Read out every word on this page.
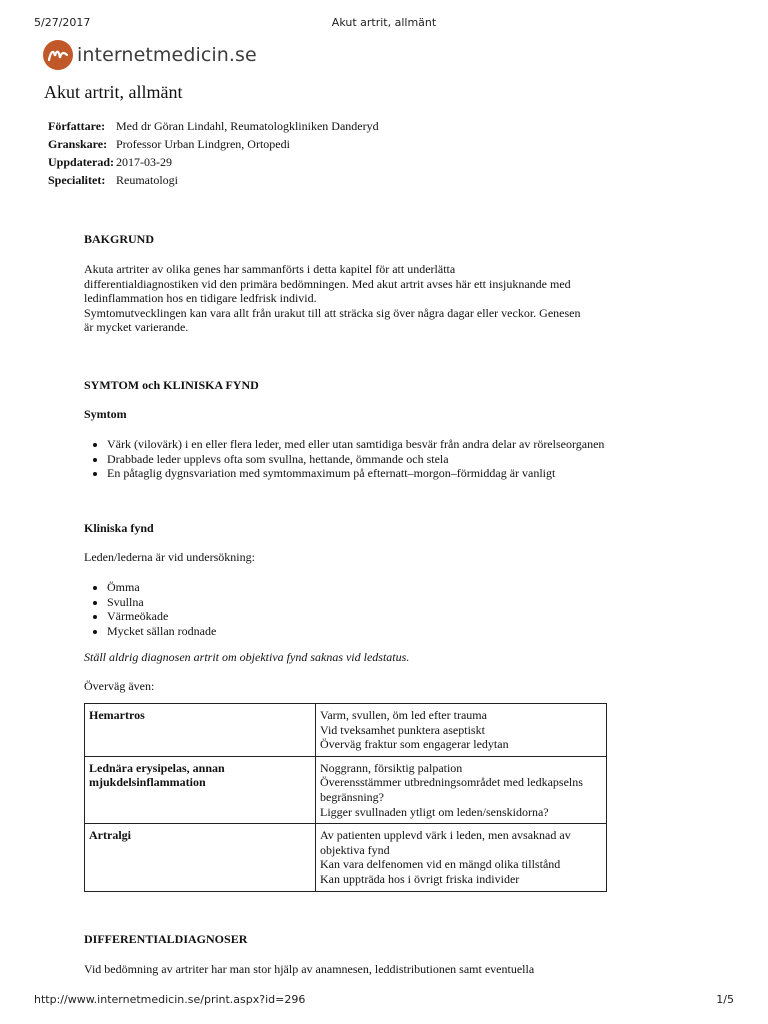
5/27/2017	Akut artrit, allmänt
internetmedicin.se
Akut artrit, allmänt
Författare:	Med dr Göran Lindahl, Reumatologkliniken Danderyd
Granskare:	Professor Urban Lindgren, Ortopedi
Uppdaterad:	2017-03-29
Specialitet:	Reumatologi
BAKGRUND
Akuta artriter av olika genes har sammanförts i detta kapitel för att underlätta
differentialdiagnostiken vid den primära bedömningen. Med akut artrit avses här ett insjuknande med
ledinflammation hos en tidigare ledfrisk individ.
Symtomutvecklingen kan vara allt från urakut till att sträcka sig över några dagar eller veckor. Genesen
är mycket varierande.
SYMTOM och KLINISKA FYND
Symtom
• Värk (vilovärk) i en eller flera leder, med eller utan samtidiga besvär från andra delar av rörelseorganen
• Drabbade leder upplevs ofta som svullna, hettande, ömmande och stela
• En påtaglig dygnsvariation med symtommaximum på efternatt–morgon–förmiddag är vanligt
Kliniska fynd
Leden/lederna är vid undersökning:
• Ömma
• Svullna
• Värmeökade
• Mycket sällan rodnade
Ställ aldrig diagnosen artrit om objektiva fynd saknas vid ledstatus.
Överväg även:
Hemartros	Varm, svullen, öm led efter trauma
Vid tveksamhet punktera aseptiskt
Överväg fraktur som engagerar ledytan

Lednära erysipelas, annan mjukdelsinflammation	Noggrann, försiktig palpation
Överensstämmer utbredningsområdet med ledkapselns begränsning?
Ligger svullnaden ytligt om leden/senskidorna?

Artralgi	Av patienten upplevd värk i leden, men avsaknad av objektiva fynd
Kan vara delfenomen vid en mängd olika tillstånd
Kan uppträda hos i övrigt friska individer
DIFFERENTIALDIAGNOSER
Vid bedömning av artriter har man stor hjälp av anamnesen, leddistributionen samt eventuella
http://www.internetmedicin.se/print.aspx?id=296	1/5
